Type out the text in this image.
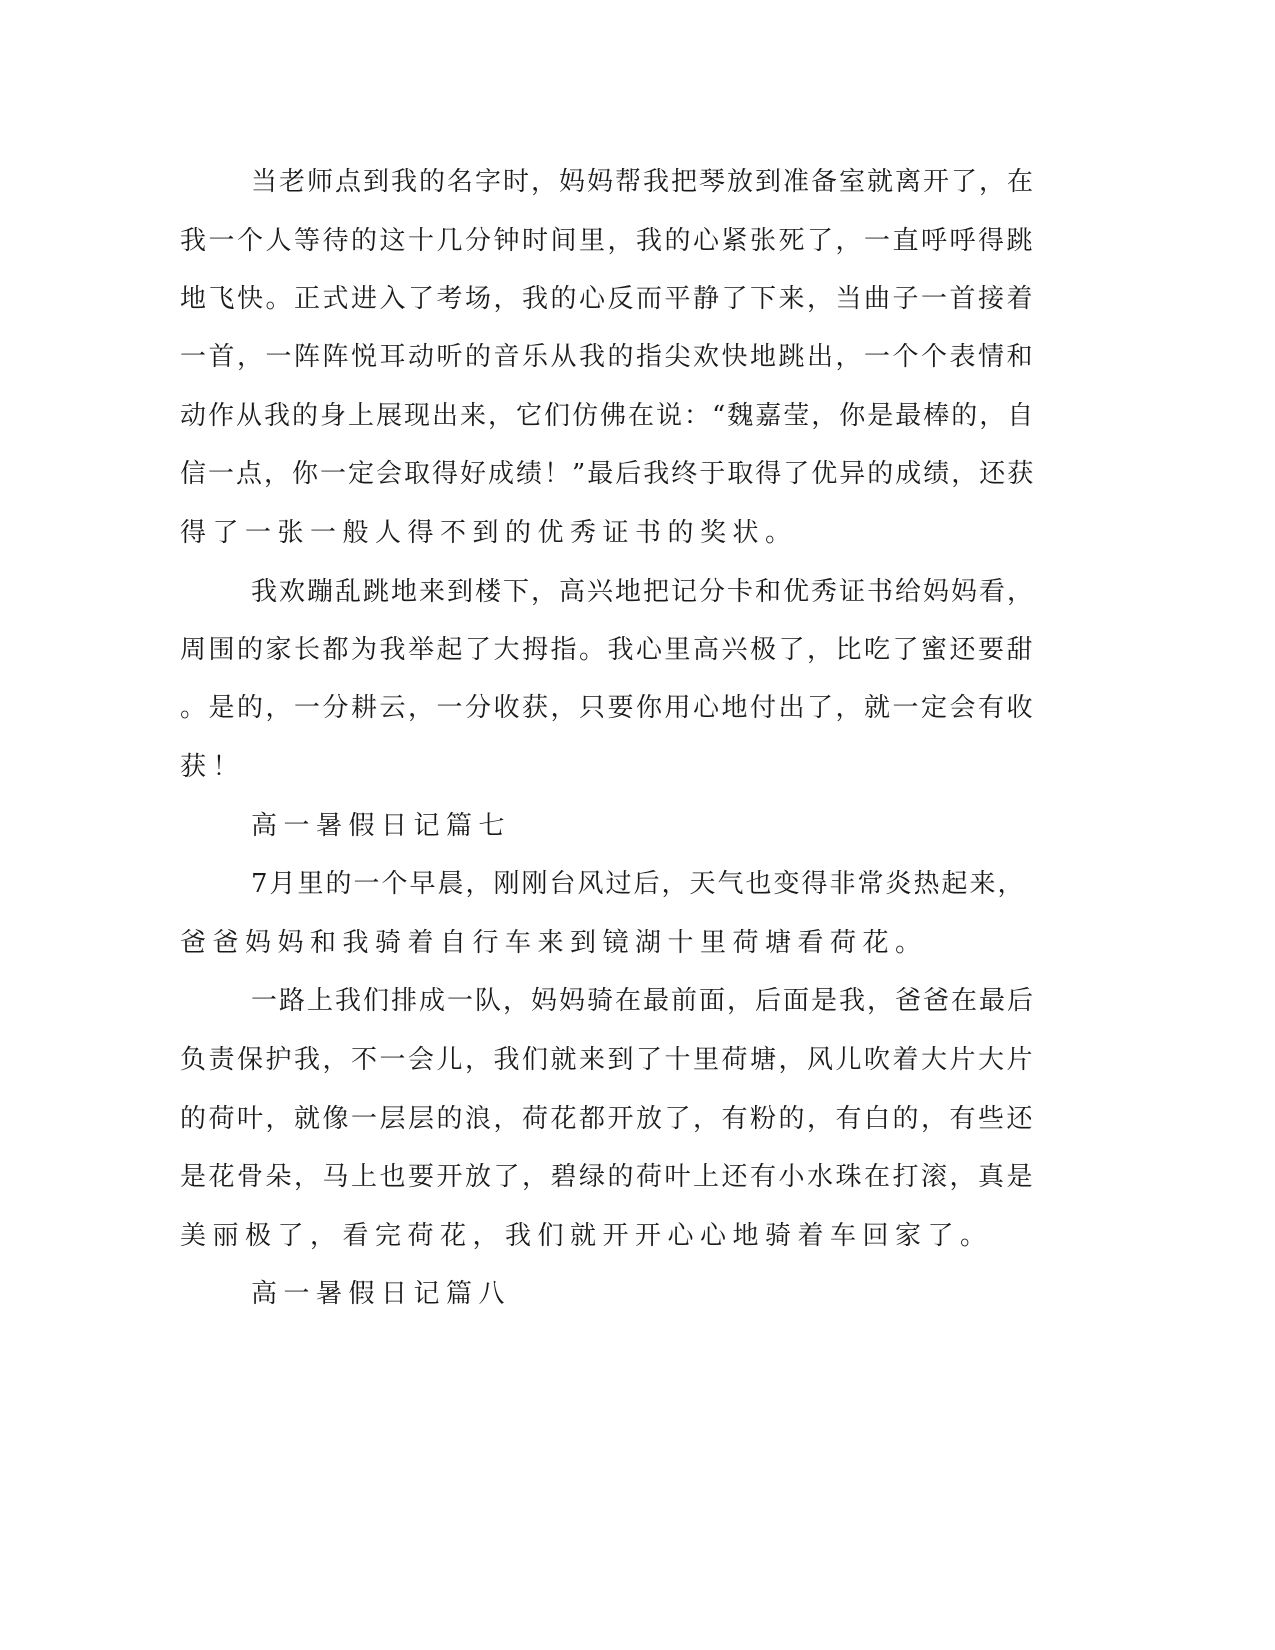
当老师点到我的名字时，妈妈帮我把琴放到准备室就离开了，在
我一个人等待的这十几分钟时间里，我的心紧张死了，一直呼呼得跳
地飞快。正式进入了考场，我的心反而平静了下来，当曲子一首接着
一首，一阵阵悦耳动听的音乐从我的指尖欢快地跳出，一个个表情和
动作从我的身上展现出来，它们仿佛在说：“魏嘉莹，你是最棒的，自
信一点，你一定会取得好成绩！”最后我终于取得了优异的成绩，还获
得了一张一般人得不到的优秀证书的奖状。
我欢蹦乱跳地来到楼下，高兴地把记分卡和优秀证书给妈妈看，
周围的家长都为我举起了大拇指。我心里高兴极了，比吃了蜜还要甜
。是的，一分耕云，一分收获，只要你用心地付出了，就一定会有收
获！
高一暑假日记篇七
7月里的一个早晨，刚刚台风过后，天气也变得非常炎热起来，
爸爸妈妈和我骑着自行车来到镜湖十里荷塘看荷花。
一路上我们排成一队，妈妈骑在最前面，后面是我，爸爸在最后
负责保护我，不一会儿，我们就来到了十里荷塘，风儿吹着大片大片
的荷叶，就像一层层的浪，荷花都开放了，有粉的，有白的，有些还
是花骨朵，马上也要开放了，碧绿的荷叶上还有小水珠在打滚，真是
美丽极了，看完荷花，我们就开开心心地骑着车回家了。
高一暑假日记篇八
